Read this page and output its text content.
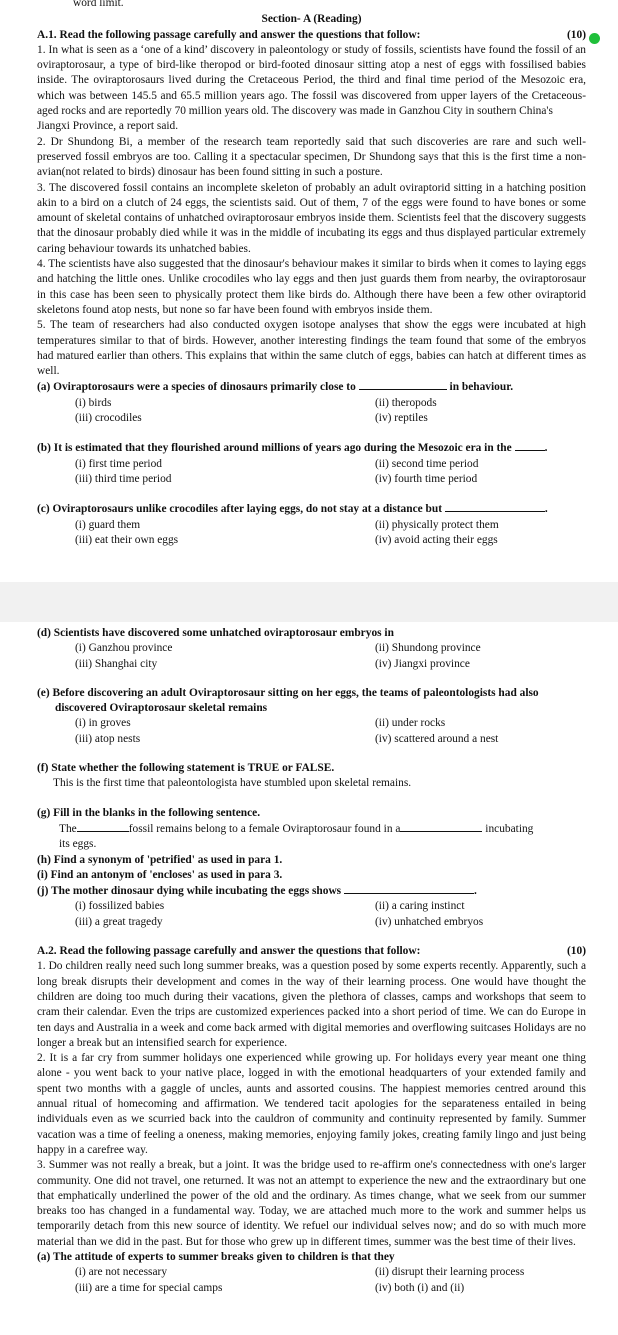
word limit.

Section- A (Reading)

A.1. Read the following passage carefully and answer the questions that follow:	(10)

1. In what is seen as a ‘one of a kind’ discovery in paleontology or study of fossils, scientists have found the fossil of an oviraptorosaur, a type of bird-like theropod or bird-footed dinosaur sitting atop a nest of eggs with fossilised babies inside. The oviraptorosaurs lived during the Cretaceous Period, the third and final time period of the Mesozoic era, which was between 145.5 and 65.5 million years ago. The fossil was discovered from upper layers of the Cretaceous-aged rocks and are reportedly 70 million years old. The discovery was made in Ganzhou City in southern China's

Jiangxi Province, a report said.

2. Dr Shundong Bi, a member of the research team reportedly said that such discoveries are rare and such well-preserved fossil embryos are too. Calling it a spectacular specimen, Dr Shundong says that this is the first time a non-avian(not related to birds) dinosaur has been found sitting in such a posture.

3. The discovered fossil contains an incomplete skeleton of probably an adult oviraptorid sitting in a hatching position akin to a bird on a clutch of 24 eggs, the scientists said. Out of them, 7 of the eggs were found to have bones or some amount of skeletal contains of unhatched oviraptorosaur embryos inside them. Scientists feel that the discovery suggests that the dinosaur probably died while it was in the middle of incubating its eggs and thus displayed particular extremely caring behaviour towards its unhatched babies.

4. The scientists have also suggested that the dinosaur's behaviour makes it similar to birds when it comes to laying eggs and hatching the little ones. Unlike crocodiles who lay eggs and then just guards them from nearby, the oviraptorosaur in this case has been seen to physically protect them like birds do. Although there have been a few other oviraptorid skeletons found atop nests, but none so far have been found with embryos inside them.

5. The team of researchers had also conducted oxygen isotope analyses that show the eggs were incubated at high temperatures similar to that of birds. However, another interesting findings the team found that some of the embryos had matured earlier than others. This explains that within the same clutch of eggs, babies can hatch at different times as well.

(a) Oviraptorosaurs were a species of dinosaurs primarily close to	in behaviour.

(i) birds	(ii) theropods
(iii) crocodiles	(iv) reptiles

(b) It is estimated that they flourished around millions of years ago during the Mesozoic era in the	.

(i) first time period	(ii) second time period
(iii) third time period	(iv) fourth time period

(c) Oviraptorosaurs unlike crocodiles after laying eggs, do not stay at a distance but	.

(i) guard them	(ii) physically protect them
(iii) eat their own eggs	(iv) avoid acting their eggs

(d) Scientists have discovered some unhatched oviraptorosaur embryos in

(i) Ganzhou province	(ii) Shundong province
(iii) Shanghai city	(iv) Jiangxi province

(e) Before discovering an adult Oviraptorosaur sitting on her eggs, the teams of paleontologists had also

discovered Oviraptorosaur skeletal remains

(i) in groves	(ii) under rocks
(iii) atop nests	(iv) scattered around a nest

(f) State whether the following statement is TRUE or FALSE.

This is the first time that paleontologista have stumbled upon skeletal remains.

(g) Fill in the blanks in the following sentence.

The	fossil remains belong to a female Oviraptorosaur found in a	incubating

its eggs.

(h) Find a synonym of 'petrified' as used in para 1.

(i) Find an antonym of 'encloses' as used in para 3.

(j) The mother dinosaur dying while incubating the eggs shows	.

(i) fossilized babies	(ii) a caring instinct
(iii) a great tragedy	(iv) unhatched embryos
A.2. Read the following passage carefully and answer the questions that follow:	(10)

1. Do children really need such long summer breaks, was a question posed by some experts recently. Apparently, such a long break disrupts their development and comes in the way of their learning process. One would have thought the children are doing too much during their vacations, given the plethora of classes, camps and workshops that seem to cram their calendar. Even the trips are customized experiences packed into a short period of time. We can do Europe in ten days and Australia in a week and come back armed with digital memories and overflowing suitcases Holidays are no longer a break but an intensified search for experience.

2. It is a far cry from summer holidays one experienced while growing up. For holidays every year meant one thing alone - you went back to your native place, logged in with the emotional headquarters of your extended family and spent two months with a gaggle of uncles, aunts and assorted cousins. The happiest memories centred around this annual ritual of homecoming and affirmation. We tendered tacit apologies for the separateness entailed in being individuals even as we scurried back into the cauldron of community and continuity represented by family. Summer vacation was a time of feeling a oneness, making memories, enjoying family jokes, creating family lingo and just being happy in a carefree way.

3. Summer was not really a break, but a joint. It was the bridge used to re-affirm one's connectedness with one's larger community. One did not travel, one returned. It was not an attempt to experience the new and the extraordinary but one that emphatically underlined the power of the old and the ordinary. As times change, what we seek from our summer breaks too has changed in a fundamental way. Today, we are attached much more to the work and summer helps us temporarily detach from this new source of identity. We refuel our individual selves now; and do so with much more material than we did in the past. But for those who grew up in different times, summer was the best time of their lives.

(a) The attitude of experts to summer breaks given to children is that they

(i) are not necessary	(ii) disrupt their learning process
(iii) are a time for special camps	(iv) both (i) and (ii)
